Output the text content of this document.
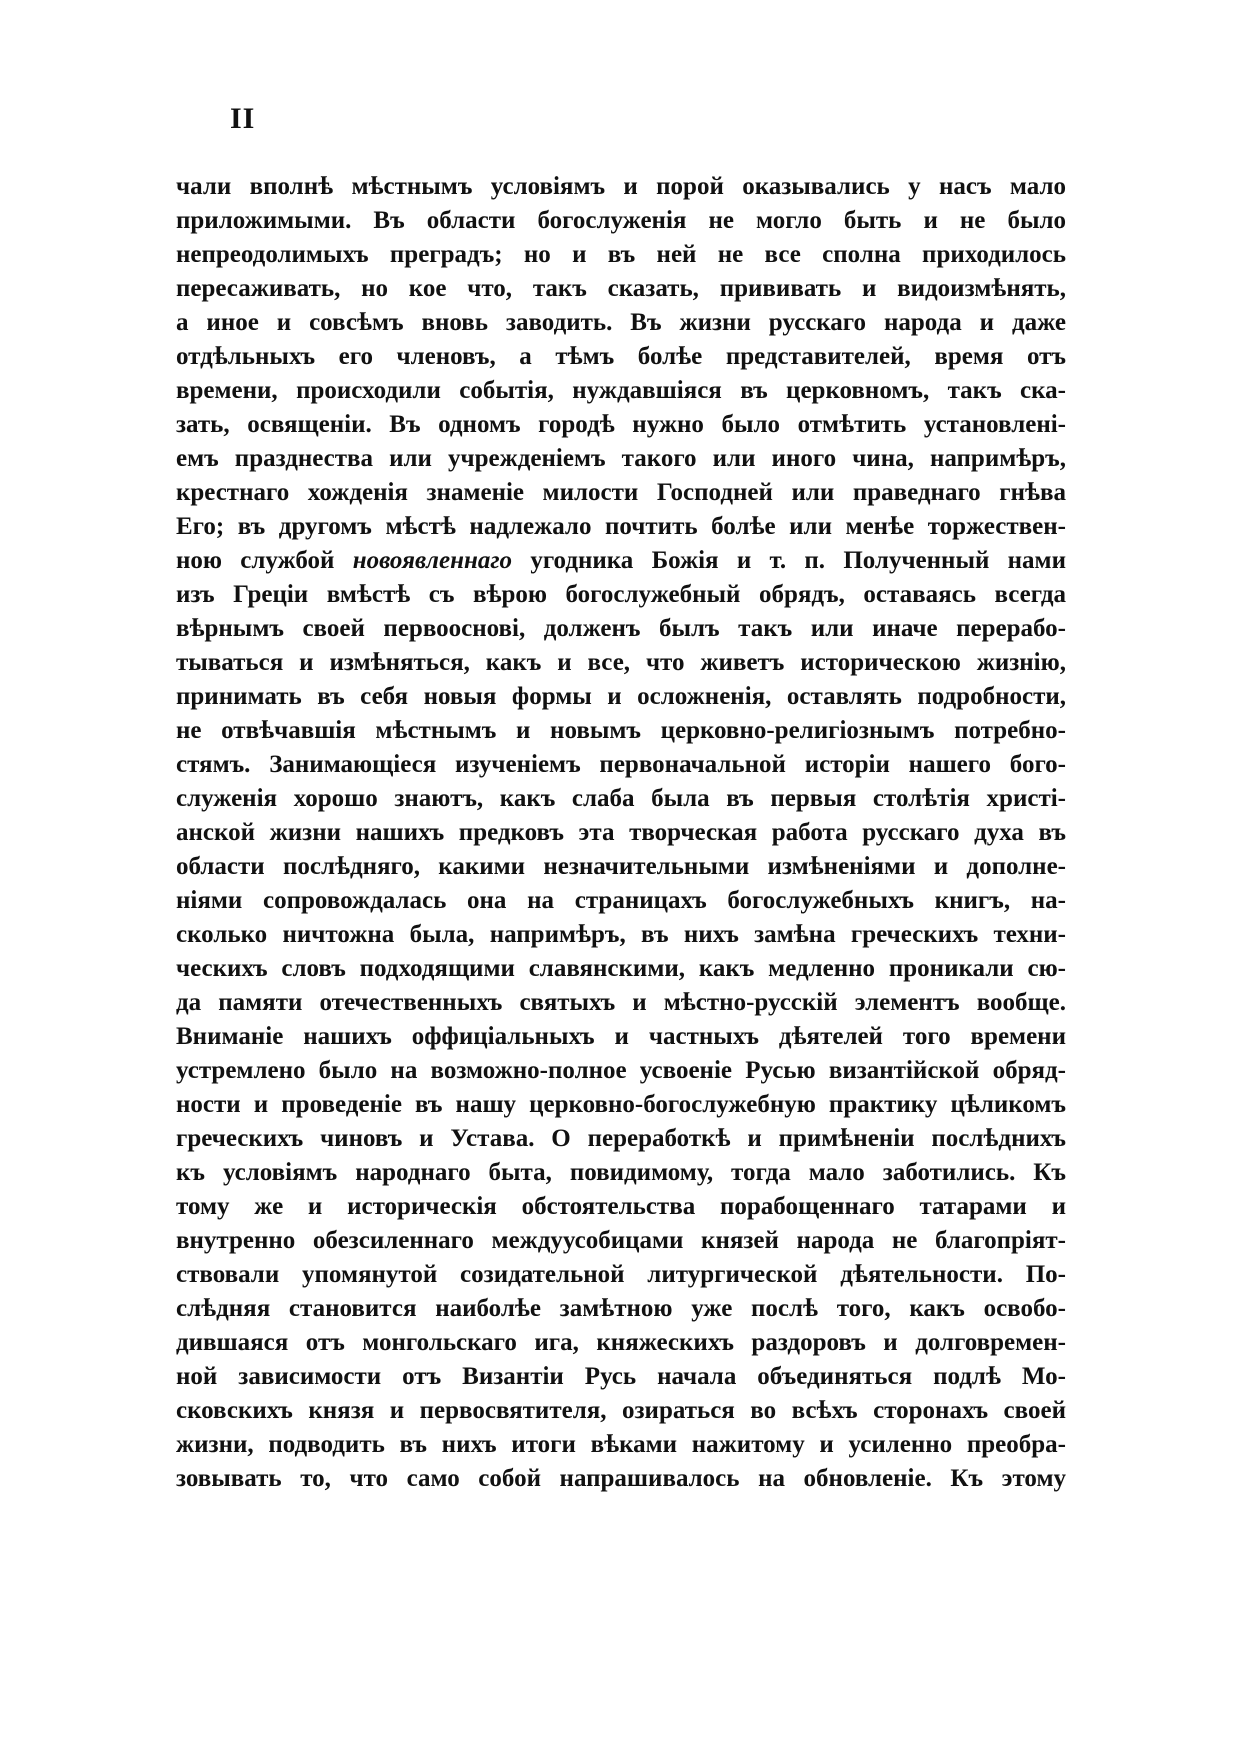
II
чали вполнѣ мѣстнымъ условіямъ и порой оказывались у насъ мало
приложимыми. Въ области богослуженія не могло быть и не было
непреодолимыхъ преградъ; но и въ ней не все сполна приходилось
пересаживать, но кое что, такъ сказать, прививать и видоизмѣнять,
а иное и совсѣмъ вновь заводить. Въ жизни русскаго народа и даже
отдѣльныхъ его членовъ, а тѣмъ болѣе представителей, время отъ
времени, происходили событія, нуждавшіяся въ церковномъ, такъ ска-
зать, освященіи. Въ одномъ городѣ нужно было отмѣтить установлені-
емъ празднества или учрежденіемъ такого или иного чина, напримѣръ,
крестнаго хожденія знаменіе милости Господней или праведнаго гнѣва
Его; въ другомъ мѣстѣ надлежало почтить болѣе или менѣе торжествен-
ною службой новоявленнаго угодника Божія и т. п. Полученный нами
изъ Греціи вмѣстѣ съ вѣрою богослужебный обрядъ, оставаясь всегда
вѣрнымъ своей первооснові, долженъ былъ такъ или иначе перерабо-
тываться и измѣняться, какъ и все, что живетъ историческою жизнію,
принимать въ себя новыя формы и осложненія, оставлять подробности,
не отвѣчавшія мѣстнымъ и новымъ церковно-религіознымъ потребно-
стямъ. Занимающіеся изученіемъ первоначальной исторіи нашего бого-
служенія хорошо знаютъ, какъ слаба была въ первыя столѣтія христі-
анской жизни нашихъ предковъ эта творческая работа русскаго духа въ
области послѣдняго, какими незначительными измѣненіями и дополне-
ніями сопровождалась она на страницахъ богослужебныхъ книгъ, на-
сколько ничтожна была, напримѣръ, въ нихъ замѣна греческихъ техни-
ческихъ словъ подходящими славянскими, какъ медленно проникали сю-
да памяти отечественныхъ святыхъ и мѣстно-русскій элементъ вообще.
Вниманіе нашихъ оффиціальныхъ и частныхъ дѣятелей того времени
устремлено было на возможно-полное усвоеніе Русью византійской обряд-
ности и проведеніе въ нашу церковно-богослужебную практику цѣликомъ
греческихъ чиновъ и Устава. О переработкѣ и примѣненіи послѣднихъ
къ условіямъ народнаго быта, повидимому, тогда мало заботились. Къ
тому же и историческія обстоятельства порабощеннаго татарами и
внутренно обезсиленнаго междуусобицами князей народа не благопріят-
ствовали упомянутой созидательной литургической дѣятельности. По-
слѣдняя становится наиболѣе замѣтною уже послѣ того, какъ освобо-
дившаяся отъ монгольскаго ига, княжескихъ раздоровъ и долговремен-
ной зависимости отъ Византіи Русь начала объединяться подлѣ Мо-
сковскихъ князя и первосвятителя, озираться во всѣхъ сторонахъ своей
жизни, подводить въ нихъ итоги вѣками нажитому и усиленно преобра-
зовывать то, что само собой напрашивалось на обновленіе. Къ этому
